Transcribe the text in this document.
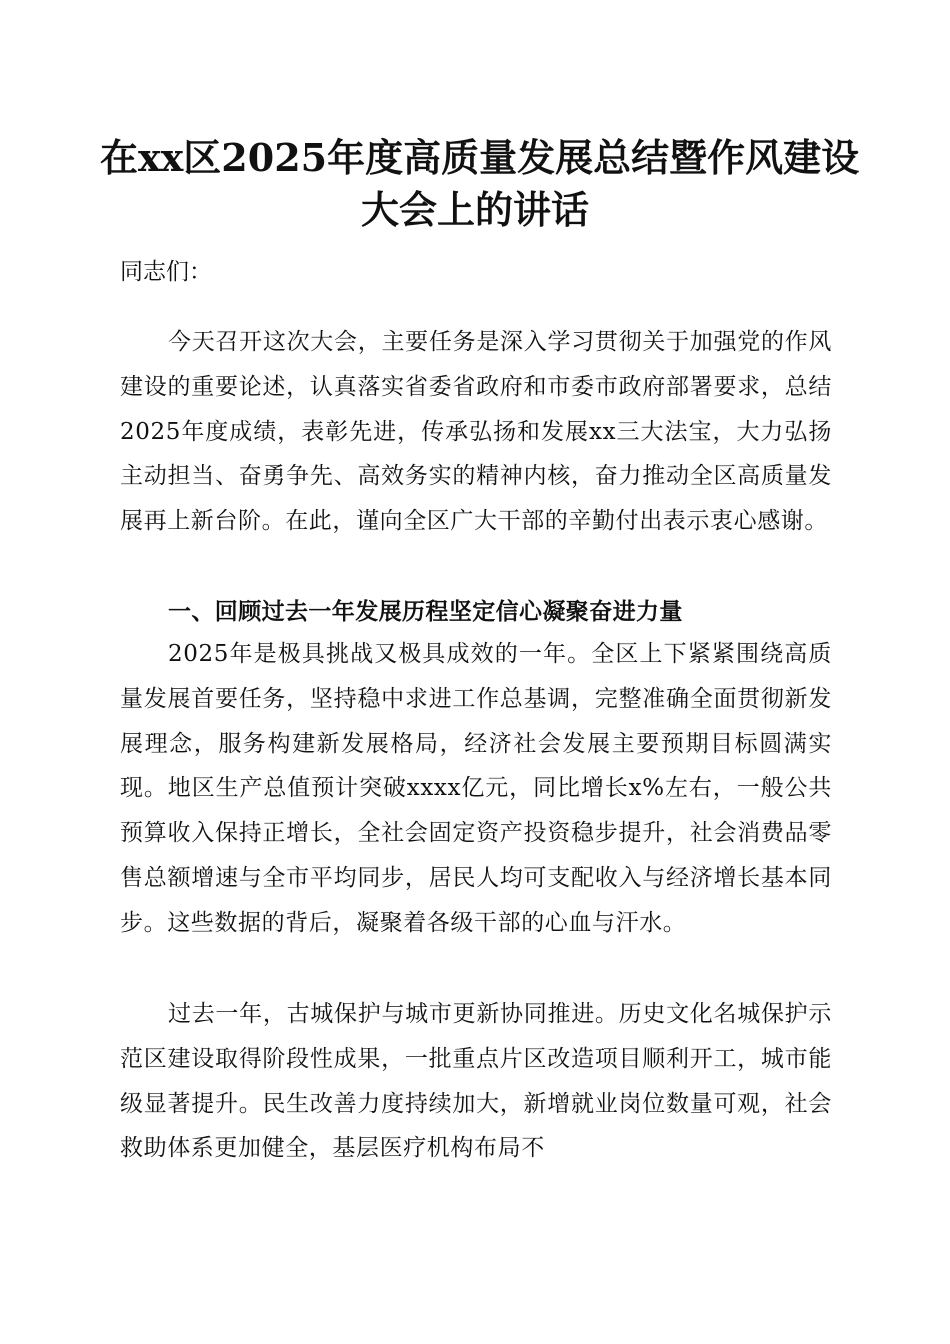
在xx区2025年度高质量发展总结暨作风建设
大会上的讲话

同志们：

今天召开这次大会，主要任务是深入学习贯彻关于加强党的作风建设的重要论述，认真落实省委省政府和市委市政府部署要求，总结2025年度成绩，表彰先进，传承弘扬和发展xx三大法宝，大力弘扬主动担当、奋勇争先、高效务实的精神内核，奋力推动全区高质量发展再上新台阶。在此，谨向全区广大干部的辛勤付出表示衷心感谢。

一、回顾过去一年发展历程坚定信心凝聚奋进力量

2025年是极具挑战又极具成效的一年。全区上下紧紧围绕高质量发展首要任务，坚持稳中求进工作总基调，完整准确全面贯彻新发展理念，服务构建新发展格局，经济社会发展主要预期目标圆满实现。地区生产总值预计突破xxxx亿元，同比增长x%左右，一般公共预算收入保持正增长，全社会固定资产投资稳步提升，社会消费品零售总额增速与全市平均同步，居民人均可支配收入与经济增长基本同步。这些数据的背后，凝聚着各级干部的心血与汗水。

过去一年，古城保护与城市更新协同推进。历史文化名城保护示范区建设取得阶段性成果，一批重点片区改造项目顺利开工，城市能级显著提升。民生改善力度持续加大，新增就业岗位数量可观，社会救助体系更加健全，基层医疗机构布局不
